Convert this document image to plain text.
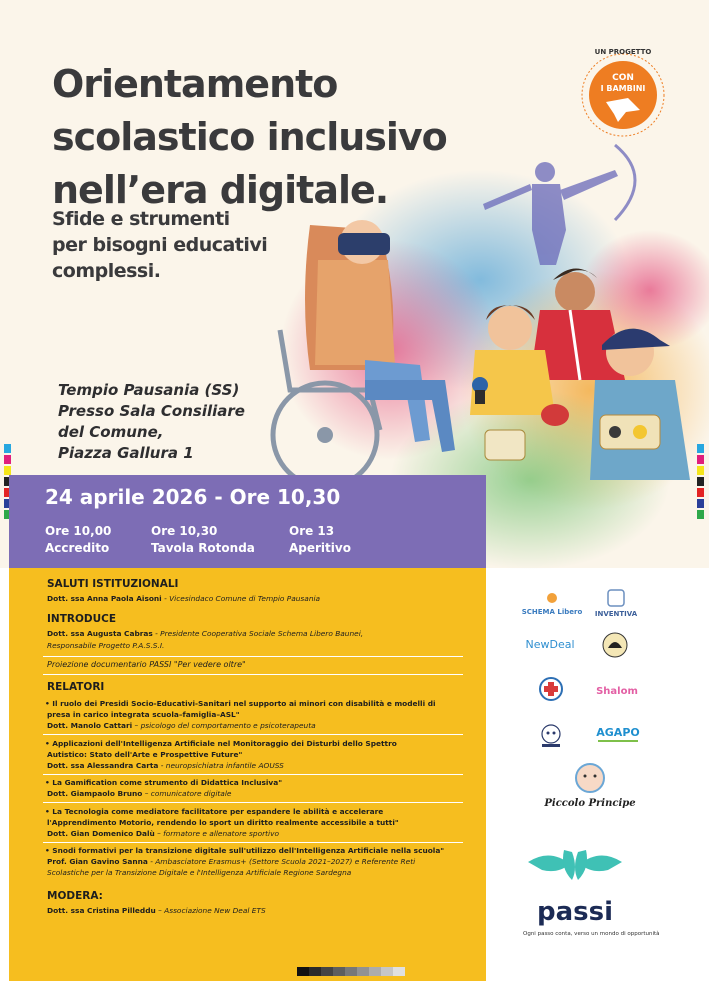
Orientamento
scolastico inclusivo
nell’era digitale.
Sfide e strumenti
per bisogni educativi
complessi.
UN PROGETTO
CON
I BAMBINI
Tempio Pausania (SS)
Presso Sala Consiliare
del Comune,
Piazza Gallura 1
24 aprile 2026 - Ore 10,30
Ore 10,00
Accredito
Ore 10,30
Tavola Rotonda
Ore 13
Aperitivo
SALUTI ISTITUZIONALI
Dott. ssa Anna Paola Aisoni - Vicesindaco Comune di Tempio Pausania
INTRODUCE
Dott. ssa Augusta Cabras - Presidente Cooperativa Sociale Schema Libero Baunei,
Responsabile Progetto P.A.S.S.I.
Proiezione documentario PASSI "Per vedere oltre"
RELATORI
• Il ruolo dei Presidi Socio-Educativi-Sanitari nel supporto ai minori con disabilità e modelli di
presa in carico integrata scuola–famiglia–ASL"
Dott. Manolo Cattari – psicologo del comportamento e psicoterapeuta
• Applicazioni dell'Intelligenza Artificiale nel Monitoraggio dei Disturbi dello Spettro
Autistico: Stato dell'Arte e Prospettive Future"
Dott. ssa Alessandra Carta - neuropsichiatra infantile AOUSS
• La Gamification come strumento di Didattica Inclusiva"
Dott. Giampaolo Bruno – comunicatore digitale
• La Tecnologia come mediatore facilitatore per espandere le abilità e accelerare
l'Apprendimento Motorio, rendendo lo sport un diritto realmente accessibile a tutti"
Dott. Gian Domenico Dalù – formatore e allenatore sportivo
• Snodi formativi per la transizione digitale sull'utilizzo dell'Intelligenza Artificiale nella scuola"
Prof. Gian Gavino Sanna - Ambasciatore Erasmus+ (Settore Scuola 2021–2027) e Referente Reti
Scolastiche per la Transizione Digitale e l'Intelligenza Artificiale Regione Sardegna
MODERA:
Dott. ssa Cristina Pilleddu – Associazione New Deal ETS
SCHEMA Libero INVENTIVA
NewDeal
Shalom
AGAPO
Piccolo Principe
passi
Ogni passo conta, verso un mondo di opportunità
